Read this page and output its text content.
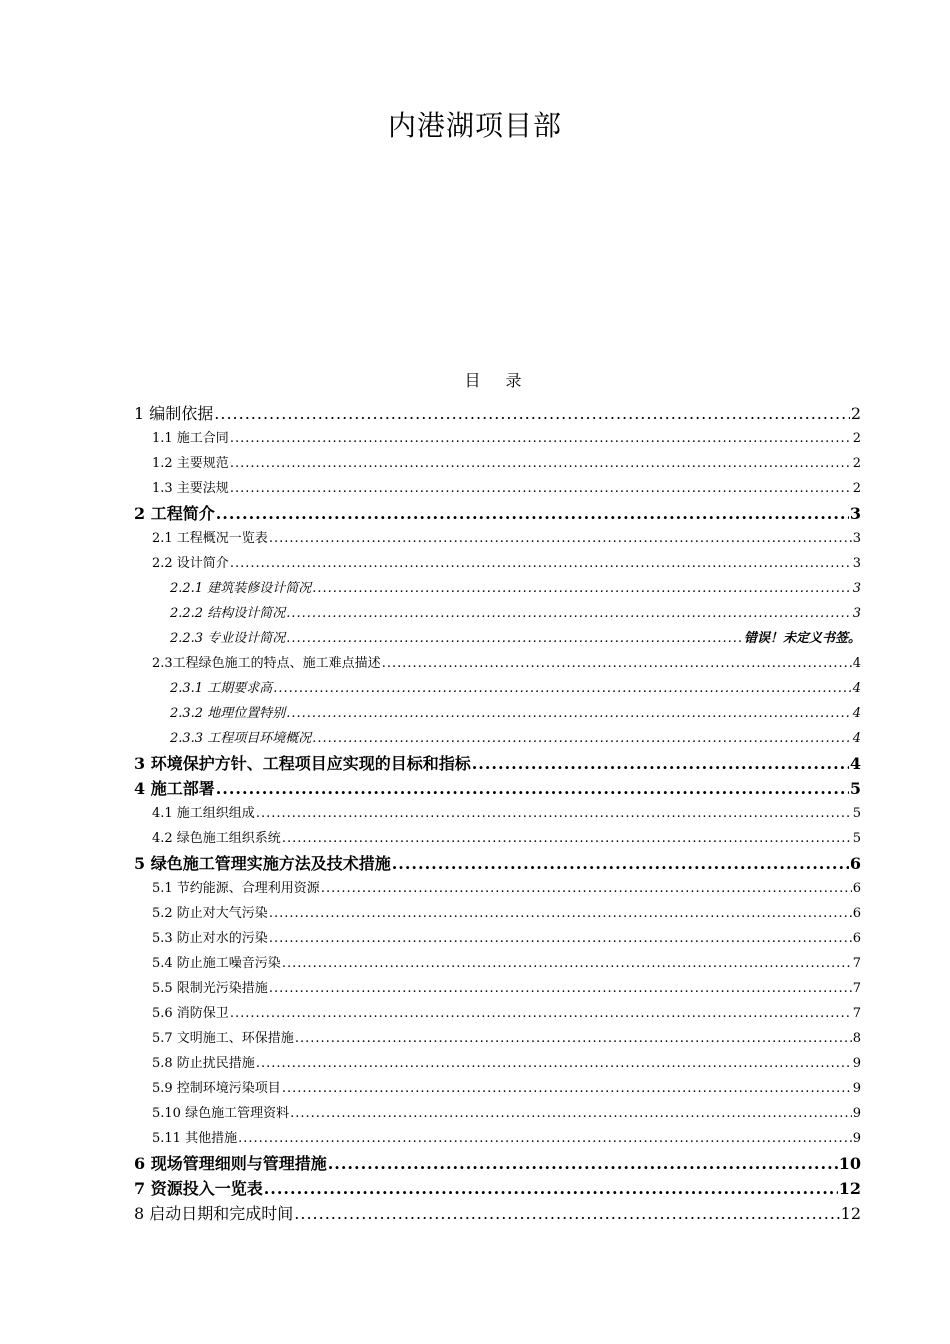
内港湖项目部
目 录
1 编制依据 .....	2
1.1 施工合同 .....	2
1.2 主要规范 .....	2
1.3 主要法规 .....	2
2 工程简介 .....	3
2.1 工程概况一览表 .....	3
2.2 设计简介 .....	3
2.2.1 建筑装修设计简况 .....	3
2.2.2 结构设计简况 .....	3
2.2.3 专业设计简况 .....	错误！未定义书签。
2.3工程绿色施工的特点、施工难点描述 .....	4
2.3.1 工期要求高 .....	4
2.3.2 地理位置特别 .....	4
2.3.3 工程项目环境概况 .....	4
3 环境保护方针、工程项目应实现的目标和指标 .....	4
4 施工部署 .....	5
4.1 施工组织组成 .....	5
4.2 绿色施工组织系统 .....	5
5 绿色施工管理实施方法及技术措施 .....	6
5.1 节约能源、合理利用资源 .....	6
5.2 防止对大气污染 .....	6
5.3 防止对水的污染 .....	6
5.4 防止施工噪音污染 .....	7
5.5 限制光污染措施 .....	7
5.6 消防保卫 .....	7
5.7 文明施工、环保措施 .....	8
5.8 防止扰民措施 .....	9
5.9 控制环境污染项目 .....	9
5.10 绿色施工管理资料 .....	9
5.11 其他措施 .....	9
6 现场管理细则与管理措施 .....	10
7 资源投入一览表 .....	12
8 启动日期和完成时间 .....	12
